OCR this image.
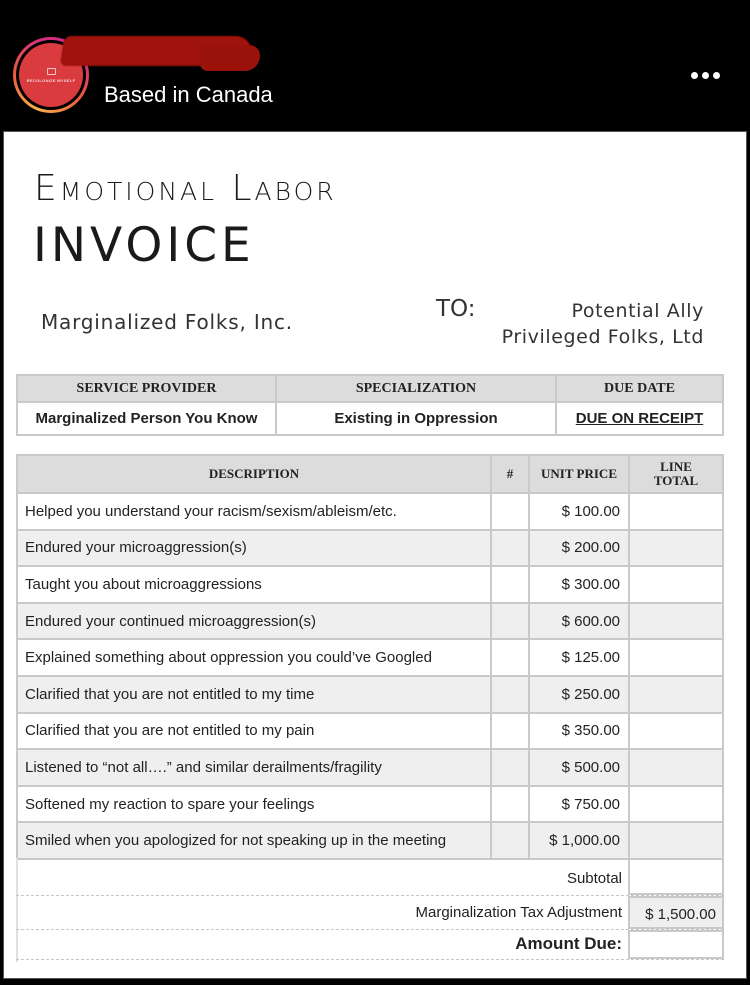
RECOLONIZE MYSELF
Based in Canada
Emotional Labor
INVOICE
Marginalized Folks, Inc.	TO:	Potential Ally
Privileged Folks, Ltd
SERVICE PROVIDER	SPECIALIZATION	DUE DATE
Marginalized Person You Know	Existing in Oppression	DUE ON RECEIPT
DESCRIPTION	#	UNIT PRICE	LINE
TOTAL
Helped you understand your racism/sexism/ableism/etc.		$ 100.00	
Endured your microaggression(s)		$ 200.00	
Taught you about microaggressions		$ 300.00	
Endured your continued microaggression(s)		$ 600.00	
Explained something about oppression you could’ve Googled		$ 125.00	
Clarified that you are not entitled to my time		$ 250.00	
Clarified that you are not entitled to my pain		$ 350.00	
Listened to “not all….” and similar derailments/fragility		$ 500.00	
Softened my reaction to spare your feelings		$ 750.00	
Smiled when you apologized for not speaking up in the meeting		$ 1,000.00	
Subtotal
Marginalization Tax Adjustment	$ 1,500.00
Amount Due:
